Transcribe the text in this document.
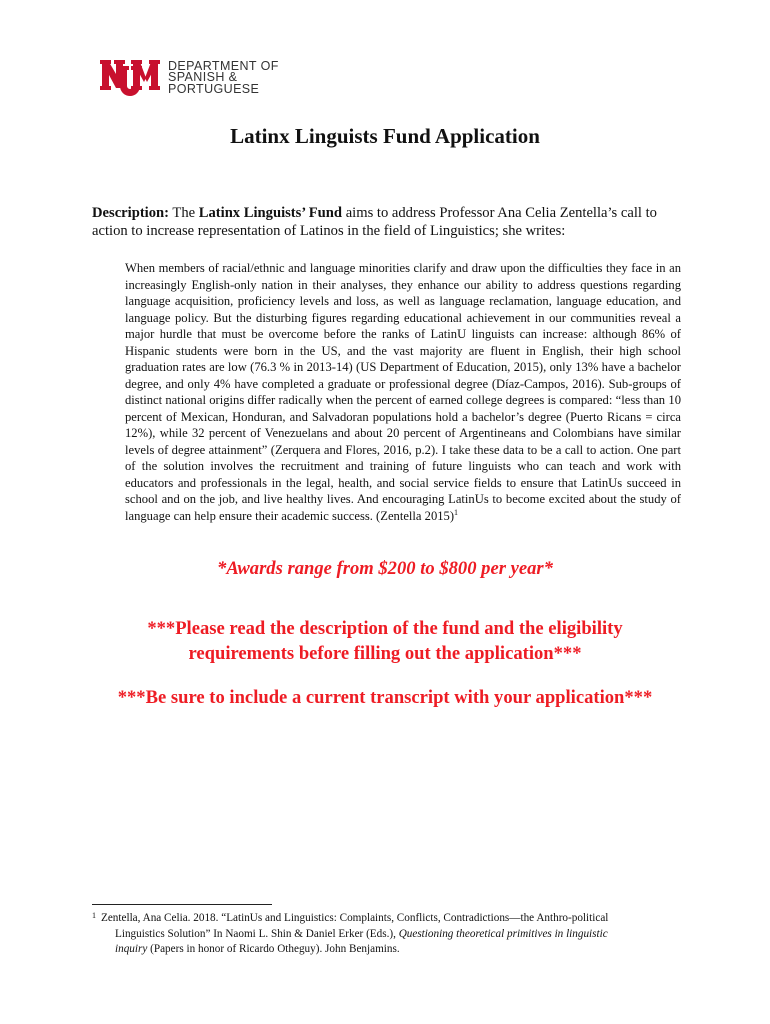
DEPARTMENT OF
SPANISH &
PORTUGUESE
Latinx Linguists Fund Application
Description: The Latinx Linguists’ Fund aims to address Professor Ana Celia Zentella’s call to action to increase representation of Latinos in the field of Linguistics; she writes:
When members of racial/ethnic and language minorities clarify and draw upon the difficulties they face in an increasingly English-only nation in their analyses, they enhance our ability to address questions regarding language acquisition, proficiency levels and loss, as well as language reclamation, language education, and language policy. But the disturbing figures regarding educational achievement in our communities reveal a major hurdle that must be overcome before the ranks of LatinU linguists can increase: although 86% of Hispanic students were born in the US, and the vast majority are fluent in English, their high school graduation rates are low (76.3 % in 2013-14) (US Department of Education, 2015), only 13% have a bachelor degree, and only 4% have completed a graduate or professional degree (Díaz-Campos, 2016). Sub-groups of distinct national origins differ radically when the percent of earned college degrees is compared: “less than 10 percent of Mexican, Honduran, and Salvadoran populations hold a bachelor’s degree (Puerto Ricans = circa 12%), while 32 percent of Venezuelans and about 20 percent of Argentineans and Colombians have similar levels of degree attainment” (Zerquera and Flores, 2016, p.2). I take these data to be a call to action. One part of the solution involves the recruitment and training of future linguists who can teach and work with educators and professionals in the legal, health, and social service fields to ensure that LatinUs succeed in school and on the job, and live healthy lives. And encouraging LatinUs to become excited about the study of language can help ensure their academic success. (Zentella 2015)$^1$
*Awards range from $200 to $800 per year*
***Please read the description of the fund and the eligibility
requirements before filling out the application***
***Be sure to include a current transcript with your application***
1 Zentella, Ana Celia. 2018. “LatinUs and Linguistics: Complaints, Conflicts, Contradictions—the Anthro-political
Linguistics Solution” In Naomi L. Shin & Daniel Erker (Eds.), Questioning theoretical primitives in linguistic
inquiry (Papers in honor of Ricardo Otheguy). John Benjamins.
